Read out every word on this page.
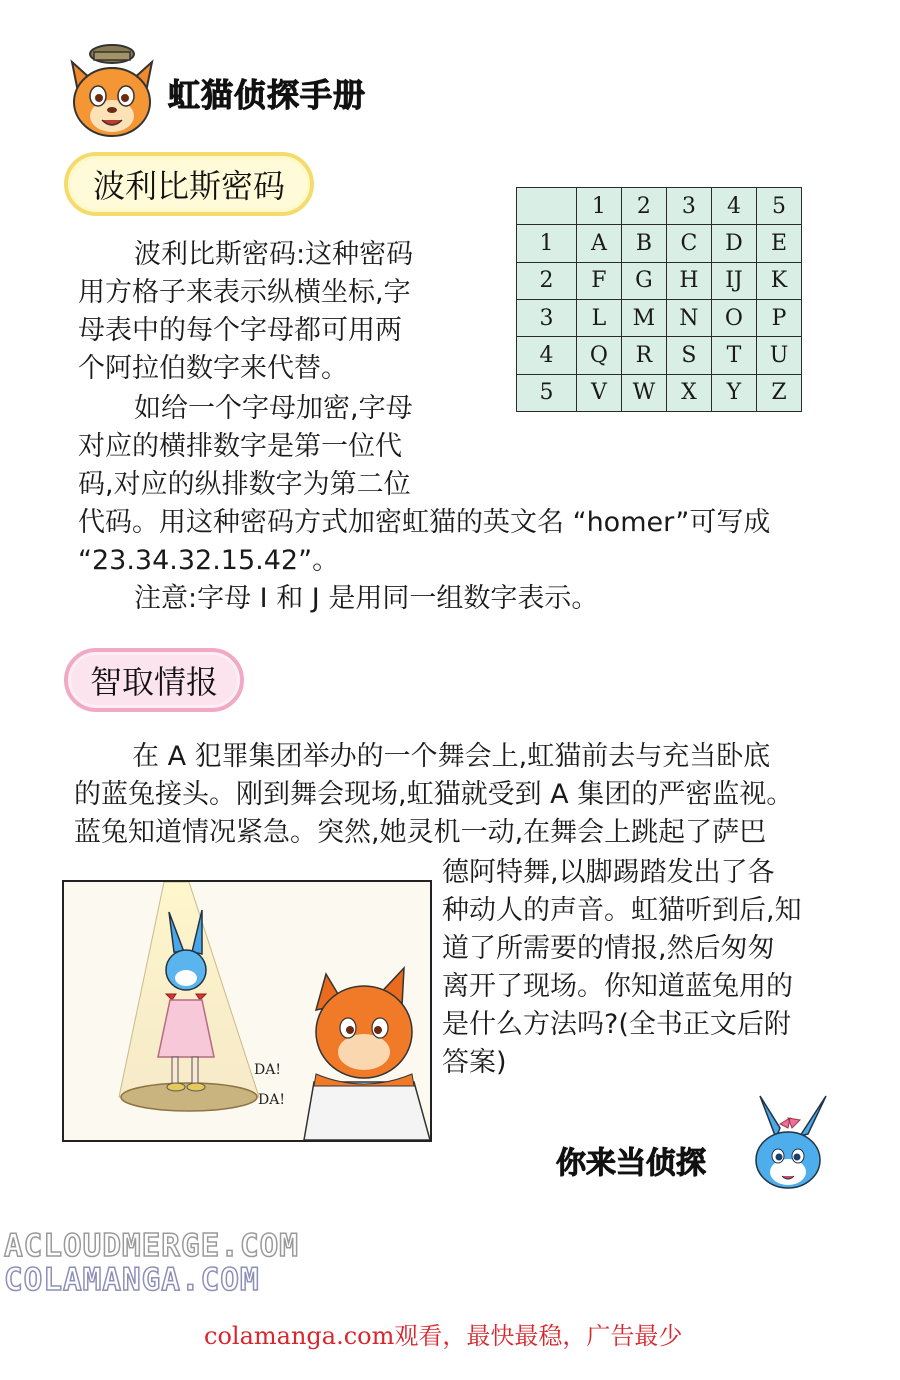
虹猫侦探手册
波利比斯密码
波利比斯密码:这种密码
用方格子来表示纵横坐标,字
母表中的每个字母都可用两
个阿拉伯数字来代替。
如给一个字母加密,字母
对应的横排数字是第一位代
码,对应的纵排数字为第二位
代码。用这种密码方式加密虹猫的英文名 “homer”可写成
“23.34.32.15.42”。
注意:字母 I 和 J 是用同一组数字表示。
	1	2	3	4	5
1	A	B	C	D	E
2	F	G	H	IJ	K
3	L	M	N	O	P
4	Q	R	S	T	U
5	V	W	X	Y	Z
智取情报
在 A 犯罪集团举办的一个舞会上,虹猫前去与充当卧底
的蓝兔接头。刚到舞会现场,虹猫就受到 A 集团的严密监视。
蓝兔知道情况紧急。突然,她灵机一动,在舞会上跳起了萨巴
德阿特舞,以脚踢踏发出了各
种动人的声音。虹猫听到后,知
道了所需要的情报,然后匆匆
离开了现场。你知道蓝兔用的
是什么方法吗?(全书正文后附
答案)
DA!
DA!
你来当侦探
ACLOUDMERGE.COM
COLAMANGA.COM
colamanga.com观看，最快最稳，广告最少
